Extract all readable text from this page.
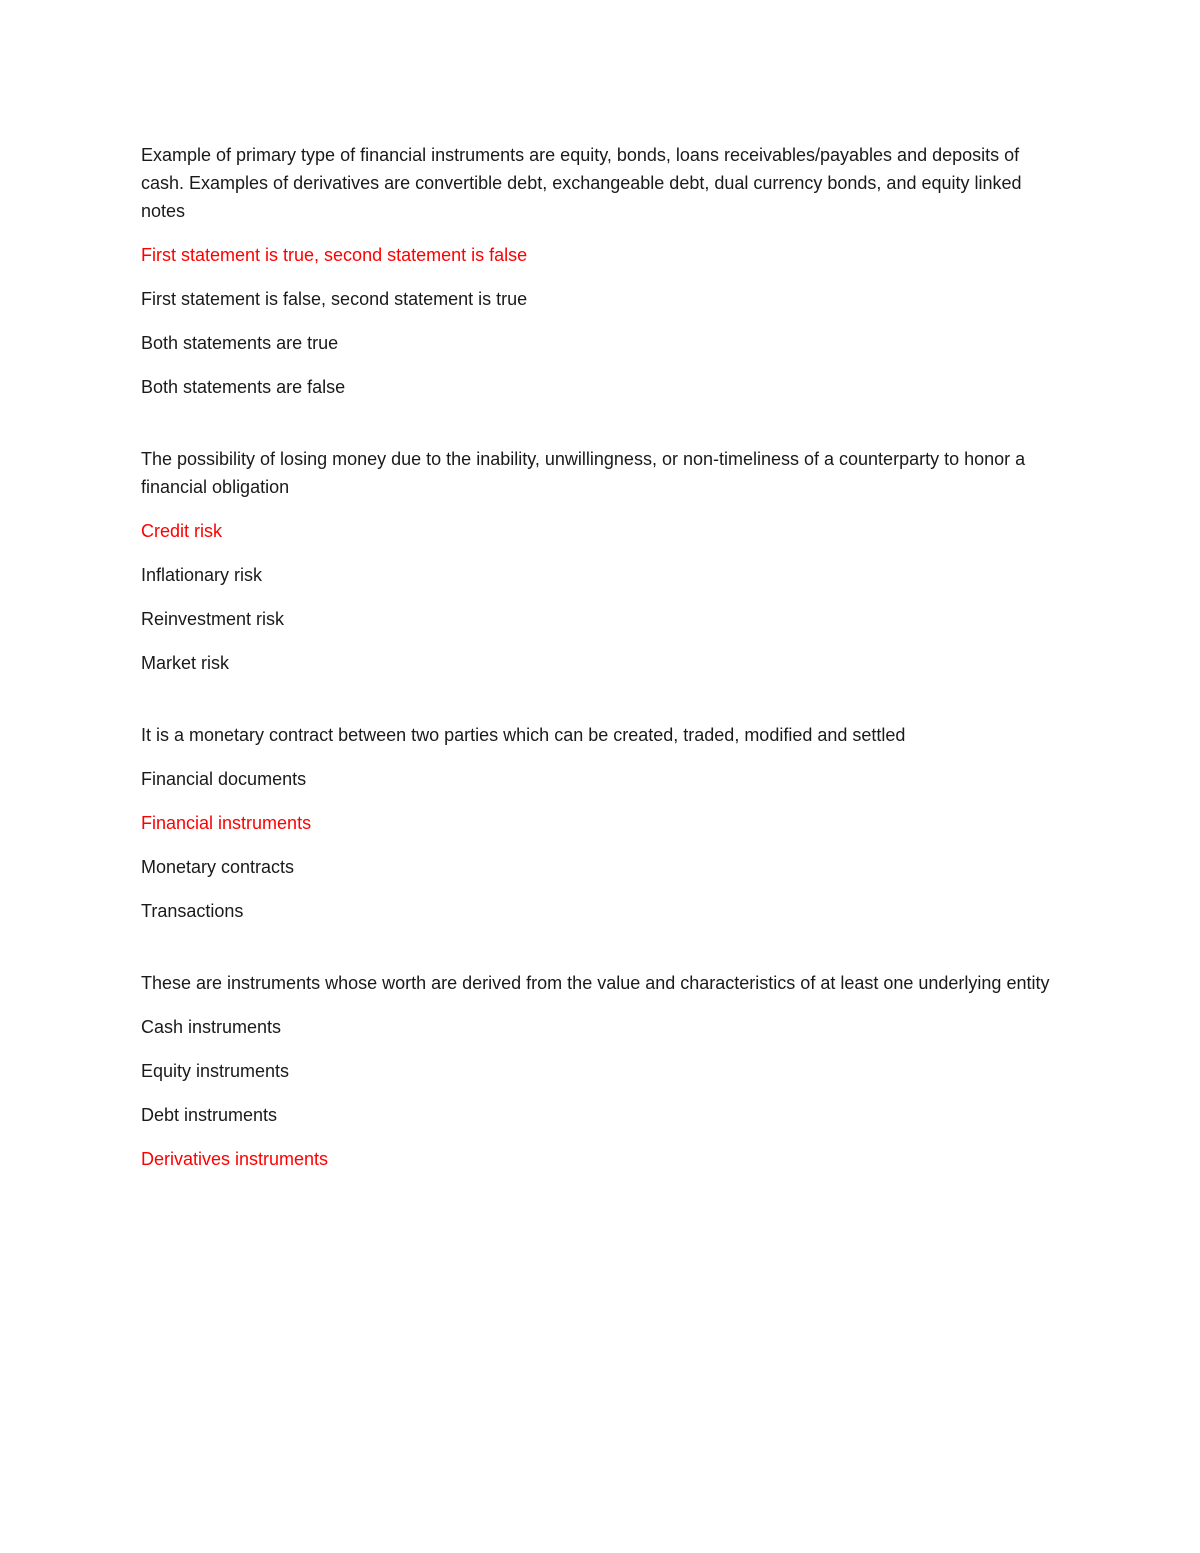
Example of primary type of financial instruments are equity, bonds, loans receivables/payables and deposits of cash. Examples of derivatives are convertible debt, exchangeable debt, dual currency bonds, and equity linked notes

First statement is true, second statement is false

First statement is false, second statement is true

Both statements are true

Both statements are false

The possibility of losing money due to the inability, unwillingness, or non-timeliness of a counterparty to honor a financial obligation

Credit risk

Inflationary risk

Reinvestment risk

Market risk

It is a monetary contract between two parties which can be created, traded, modified and settled

Financial documents

Financial instruments

Monetary contracts

Transactions

These are instruments whose worth are derived from the value and characteristics of at least one underlying entity

Cash instruments

Equity instruments

Debt instruments

Derivatives instruments
